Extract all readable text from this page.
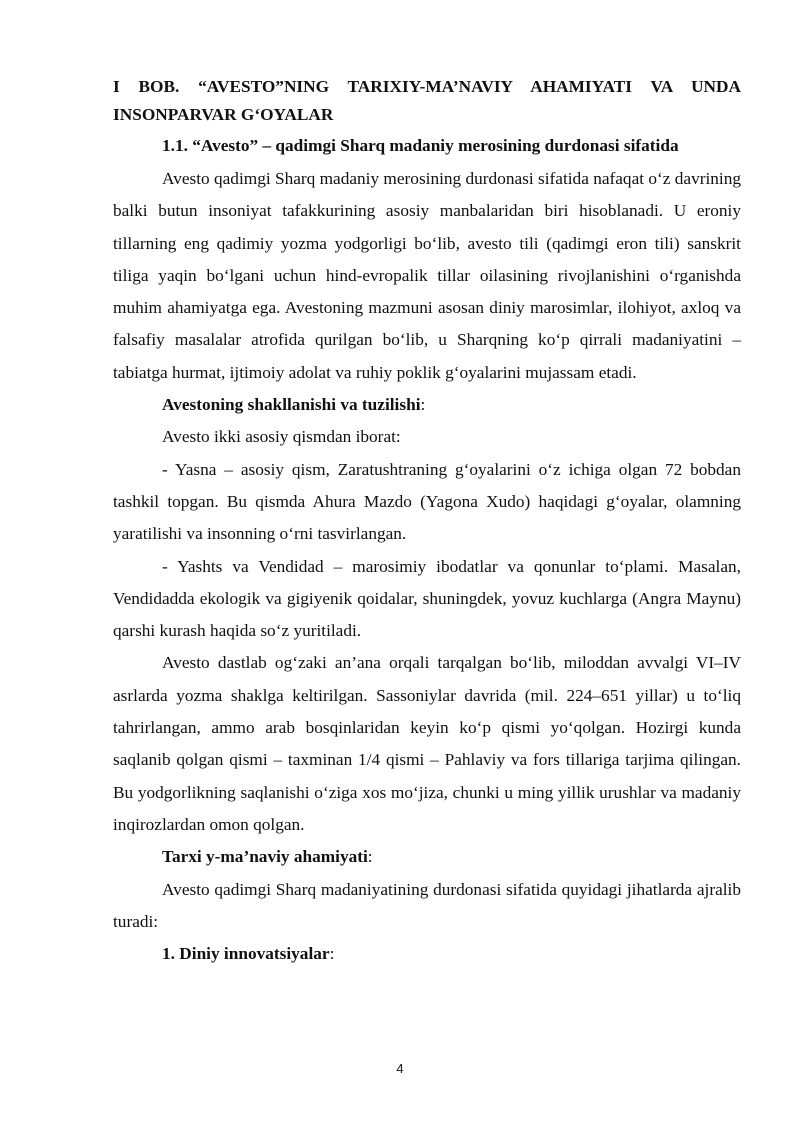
I BOB. “AVESTO”NING TARIXIY-MA’NAVIY AHAMIYATI VA UNDA INSONPARVAR G‘OYALAR
1.1. “Avesto” – qadimgi Sharq madaniy merosining durdonasi sifatida

Avesto qadimgi Sharq madaniy merosining durdonasi sifatida nafaqat o‘z davrining balki butun insoniyat tafakkurining asosiy manbalaridan biri hisoblanadi. U eroniy tillarning eng qadimiy yozma yodgorligi bo‘lib, avesto tili (qadimgi eron tili) sanskrit tiliga yaqin bo‘lgani uchun hind-evropalik tillar oilasining rivojlanishini o‘rganishda muhim ahamiyatga ega. Avestoning mazmuni asosan diniy marosimlar, ilohiyot, axloq va falsafiy masalalar atrofida qurilgan bo‘lib, u Sharqning ko‘p qirrali madaniyatini – tabiatga hurmat, ijtimoiy adolat va ruhiy poklik g‘oyalarini mujassam etadi.

Avestoning shakllanishi va tuzilishi:

Avesto ikki asosiy qismdan iborat:

- Yasna – asosiy qism, Zaratushtraning g‘oyalarini o‘z ichiga olgan 72 bobdan tashkil topgan. Bu qismda Ahura Mazdo (Yagona Xudo) haqidagi g‘oyalar, olamning yaratilishi va insonning o‘rni tasvirlangan.

- Yashts va Vendidad – marosimiy ibodatlar va qonunlar to‘plami. Masalan, Vendidadda ekologik va gigiyenik qoidalar, shuningdek, yovuz kuchlarga (Angra Maynu) qarshi kurash haqida so‘z yuritiladi.

Avesto dastlab og‘zaki an’ana orqali tarqalgan bo‘lib, miloddan avvalgi VI–IV asrlarda yozma shaklga keltirilgan. Sassoniylar davrida (mil. 224–651 yillar) u to‘liq tahrirlangan, ammo arab bosqinlaridan keyin ko‘p qismi yo‘qolgan. Hozirgi kunda saqlanib qolgan qismi – taxminan 1/4 qismi – Pahlaviy va fors tillariga tarjima qilingan. Bu yodgorlikning saqlanishi o‘ziga xos mo‘jiza, chunki u ming yillik urushlar va madaniy inqirozlardan omon qolgan.

Tarxi y-ma’naviy ahamiyati:

Avesto qadimgi Sharq madaniyatining durdonasi sifatida quyidagi jihatlarda ajralib turadi:

1. Diniy innovatsiyalar:
4
